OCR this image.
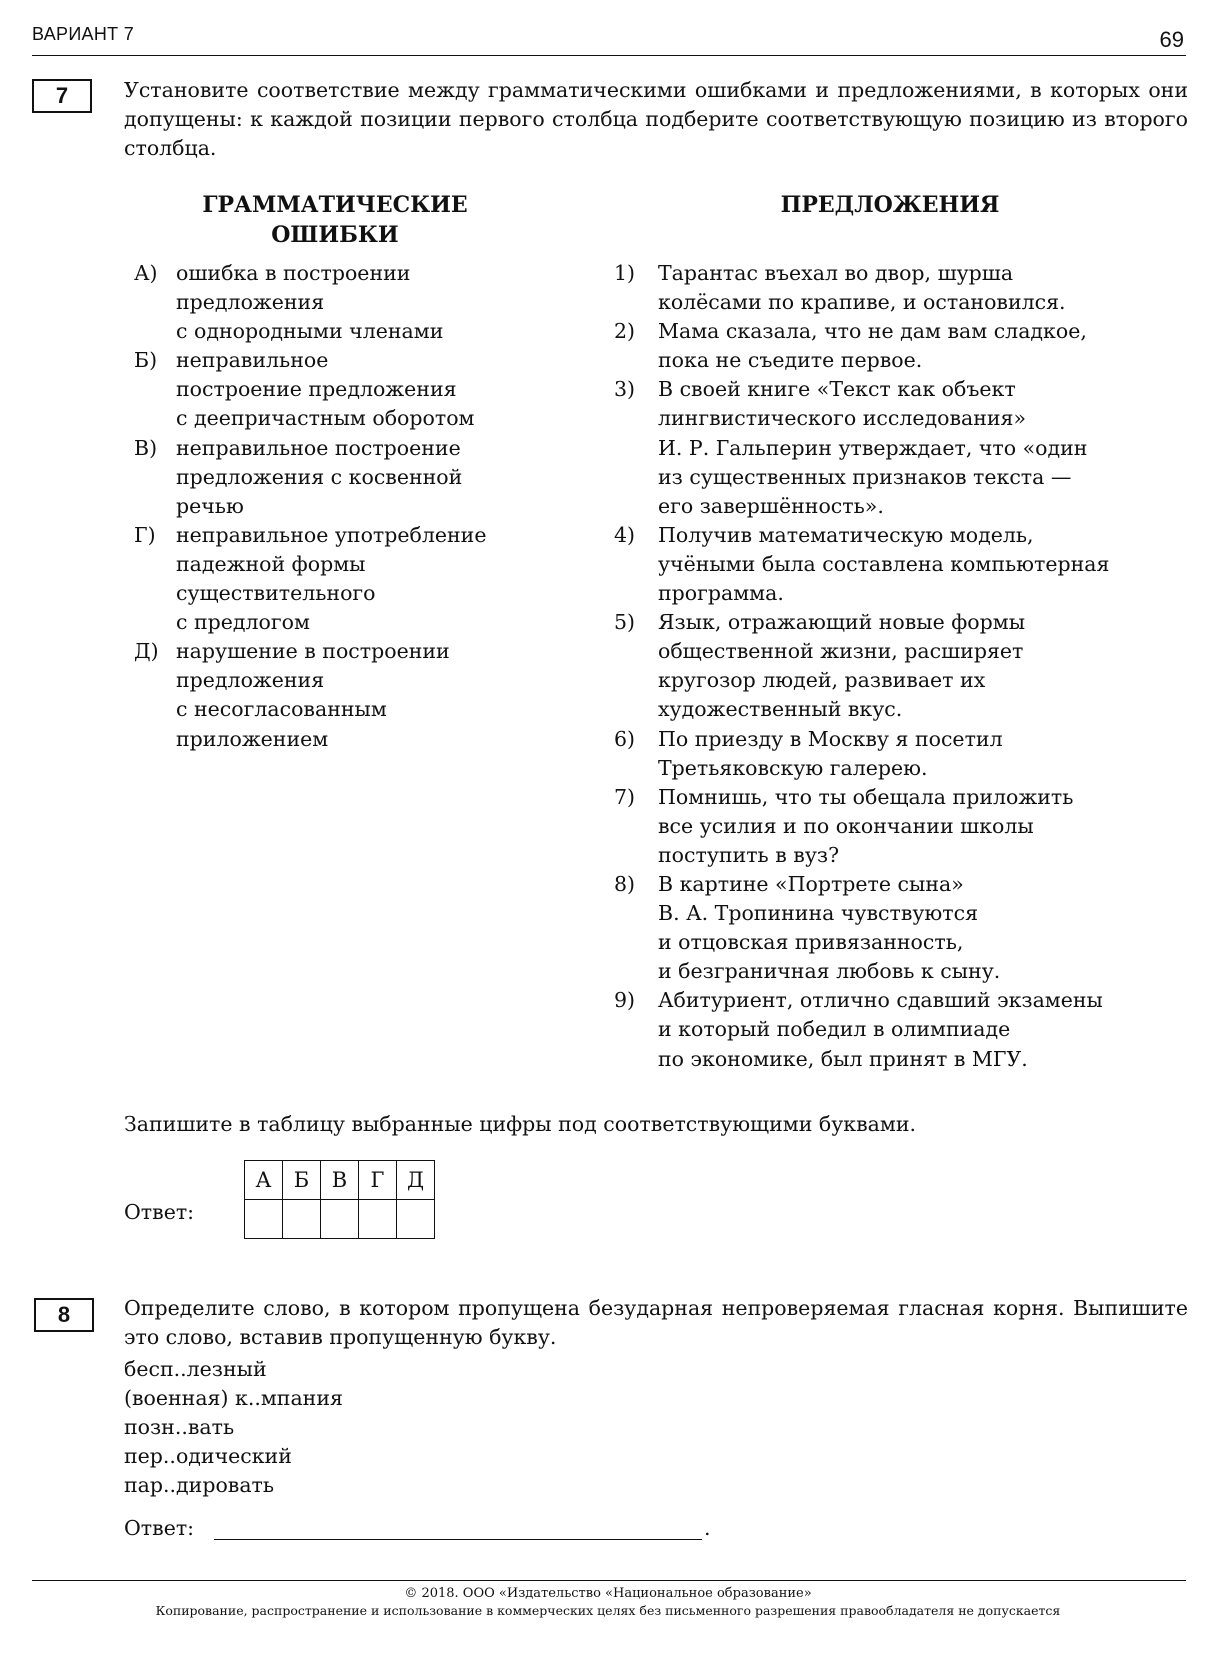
ВАРИАНТ 7	69
7	Установите соответствие между грамматическими ошибками и предложениями, в которых они допущены: к каждой позиции первого столбца подберите соответствующую позицию из второго столбца.
ГРАММАТИЧЕСКИЕ ОШИБКИ
ПРЕДЛОЖЕНИЯ
А) ошибка в построении предложения
с однородными членами
Б) неправильное
построение предложения
с деепричастным оборотом
В) неправильное построение
предложения с косвенной
речью
Г) неправильное употребление
падежной формы
существительного
с предлогом
Д) нарушение в построении
предложения
с несогласованным
приложением
1)	Тарантас въехал во двор, шурша
колёсами по крапиве, и остановился.
2)	Мама сказала, что не дам вам сладкое,
пока не съедите первое.
3)	В своей книге «Текст как объект
лингвистического исследования»
И. Р. Гальперин утверждает, что «один
из существенных признаков текста —
его завершённость».
4)	Получив математическую модель,
учёными была составлена компьютерная
программа.
5)	Язык, отражающий новые формы
общественной жизни, расширяет
кругозор людей, развивает их
художественный вкус.
6)	По приезду в Москву я посетил
Третьяковскую галерею.
7)	Помнишь, что ты обещала приложить
все усилия и по окончании школы
поступить в вуз?
8)	В картине «Портрете сына»
В. А. Тропинина чувствуются
и отцовская привязанность,
и безграничная любовь к сыну.
9)	Абитуриент, отлично сдавший экзамены
и который победил в олимпиаде
по экономике, был принят в МГУ.
Запишите в таблицу выбранные цифры под соответствующими буквами.
Ответ:
А	Б	В	Г	Д

8	Определите слово, в котором пропущена безударная непроверяемая гласная корня. Выпишите это слово, вставив пропущенную букву.
бесп..лезный
(военная) к..мпания
позн..вать
пер..одический
пар..дировать
Ответ:	.
© 2018. ООО «Издательство «Национальное образование»
Копирование, распространение и использование в коммерческих целях без письменного разрешения правообладателя не допускается
